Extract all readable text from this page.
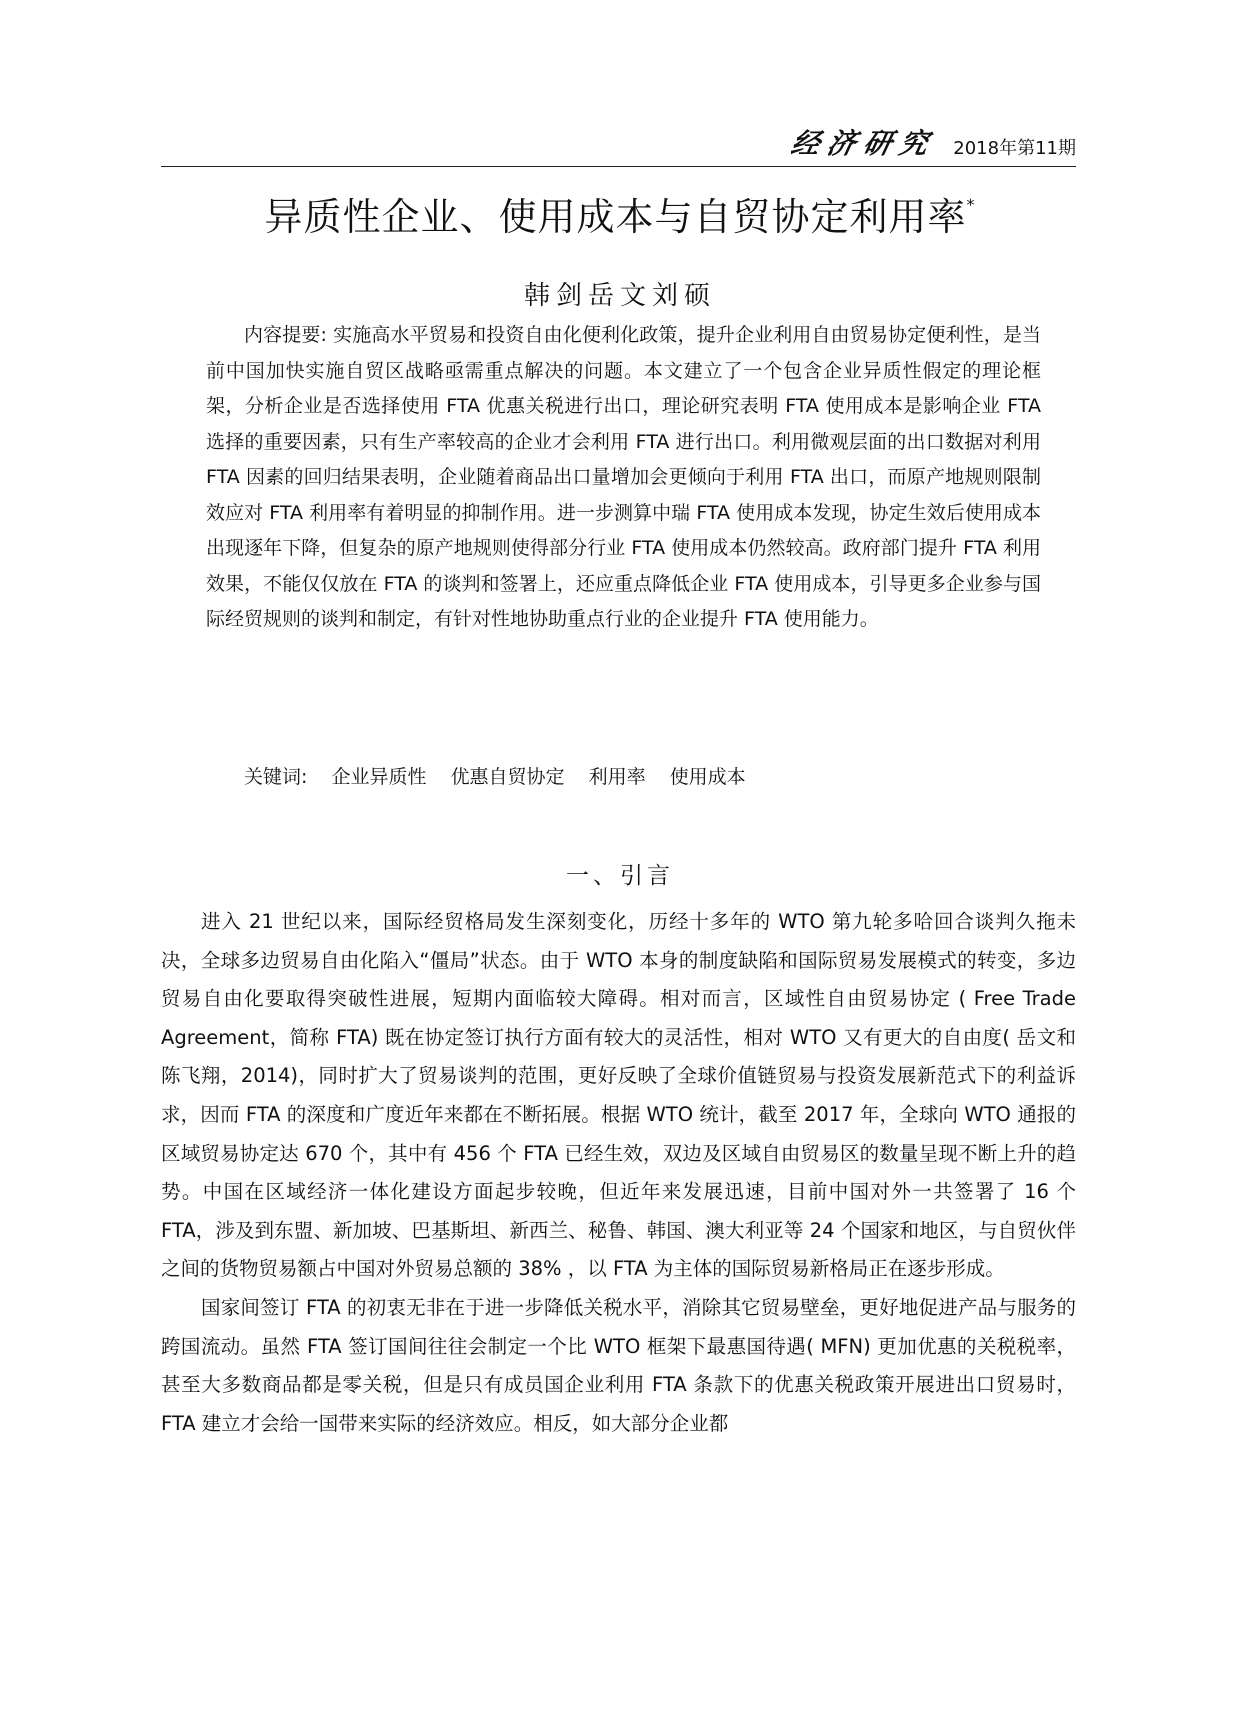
经济研究 2018年第11期
异质性企业、使用成本与自贸协定利用率*
韩剑岳文刘硕

内容提要: 实施高水平贸易和投资自由化便利化政策，提升企业利用自由贸易协定便利性，是当前中国加快实施自贸区战略亟需重点解决的问题。本文建立了一个包含企业异质性假定的理论框架，分析企业是否选择使用 FTA 优惠关税进行出口，理论研究表明 FTA 使用成本是影响企业 FTA 选择的重要因素，只有生产率较高的企业才会利用 FTA 进行出口。利用微观层面的出口数据对利用 FTA 因素的回归结果表明，企业随着商品出口量增加会更倾向于利用 FTA 出口，而原产地规则限制效应对 FTA 利用率有着明显的抑制作用。进一步测算中瑞 FTA 使用成本发现，协定生效后使用成本出现逐年下降，但复杂的原产地规则使得部分行业 FTA 使用成本仍然较高。政府部门提升 FTA 利用效果，不能仅仅放在 FTA 的谈判和签署上，还应重点降低企业 FTA 使用成本，引导更多企业参与国际经贸规则的谈判和制定，有针对性地协助重点行业的企业提升 FTA 使用能力。

关键词: 企业异质性 优惠自贸协定 利用率 使用成本

一、引言

进入 21 世纪以来，国际经贸格局发生深刻变化，历经十多年的 WTO 第九轮多哈回合谈判久拖未决，全球多边贸易自由化陷入“僵局”状态。由于 WTO 本身的制度缺陷和国际贸易发展模式的转变，多边贸易自由化要取得突破性进展，短期内面临较大障碍。相对而言，区域性自由贸易协定 ( Free Trade Agreement，简称 FTA) 既在协定签订执行方面有较大的灵活性，相对 WTO 又有更大的自由度( 岳文和陈飞翔，2014)，同时扩大了贸易谈判的范围，更好反映了全球价值链贸易与投资发展新范式下的利益诉求，因而 FTA 的深度和广度近年来都在不断拓展。根据 WTO 统计，截至 2017 年，全球向 WTO 通报的区域贸易协定达 670 个，其中有 456 个 FTA 已经生效，双边及区域自由贸易区的数量呈现不断上升的趋势。中国在区域经济一体化建设方面起步较晚，但近年来发展迅速，目前中国对外一共签署了 16 个 FTA，涉及到东盟、新加坡、巴基斯坦、新西兰、秘鲁、韩国、澳大利亚等 24 个国家和地区，与自贸伙伴之间的货物贸易额占中国对外贸易总额的 38% ，以 FTA 为主体的国际贸易新格局正在逐步形成。

国家间签订 FTA 的初衷无非在于进一步降低关税水平，消除其它贸易壁垒，更好地促进产品与服务的跨国流动。虽然 FTA 签订国间往往会制定一个比 WTO 框架下最惠国待遇( MFN) 更加优惠的关税税率，甚至大多数商品都是零关税，但是只有成员国企业利用 FTA 条款下的优惠关税政策开展进出口贸易时，FTA 建立才会给一国带来实际的经济效应。相反，如大部分企业都
